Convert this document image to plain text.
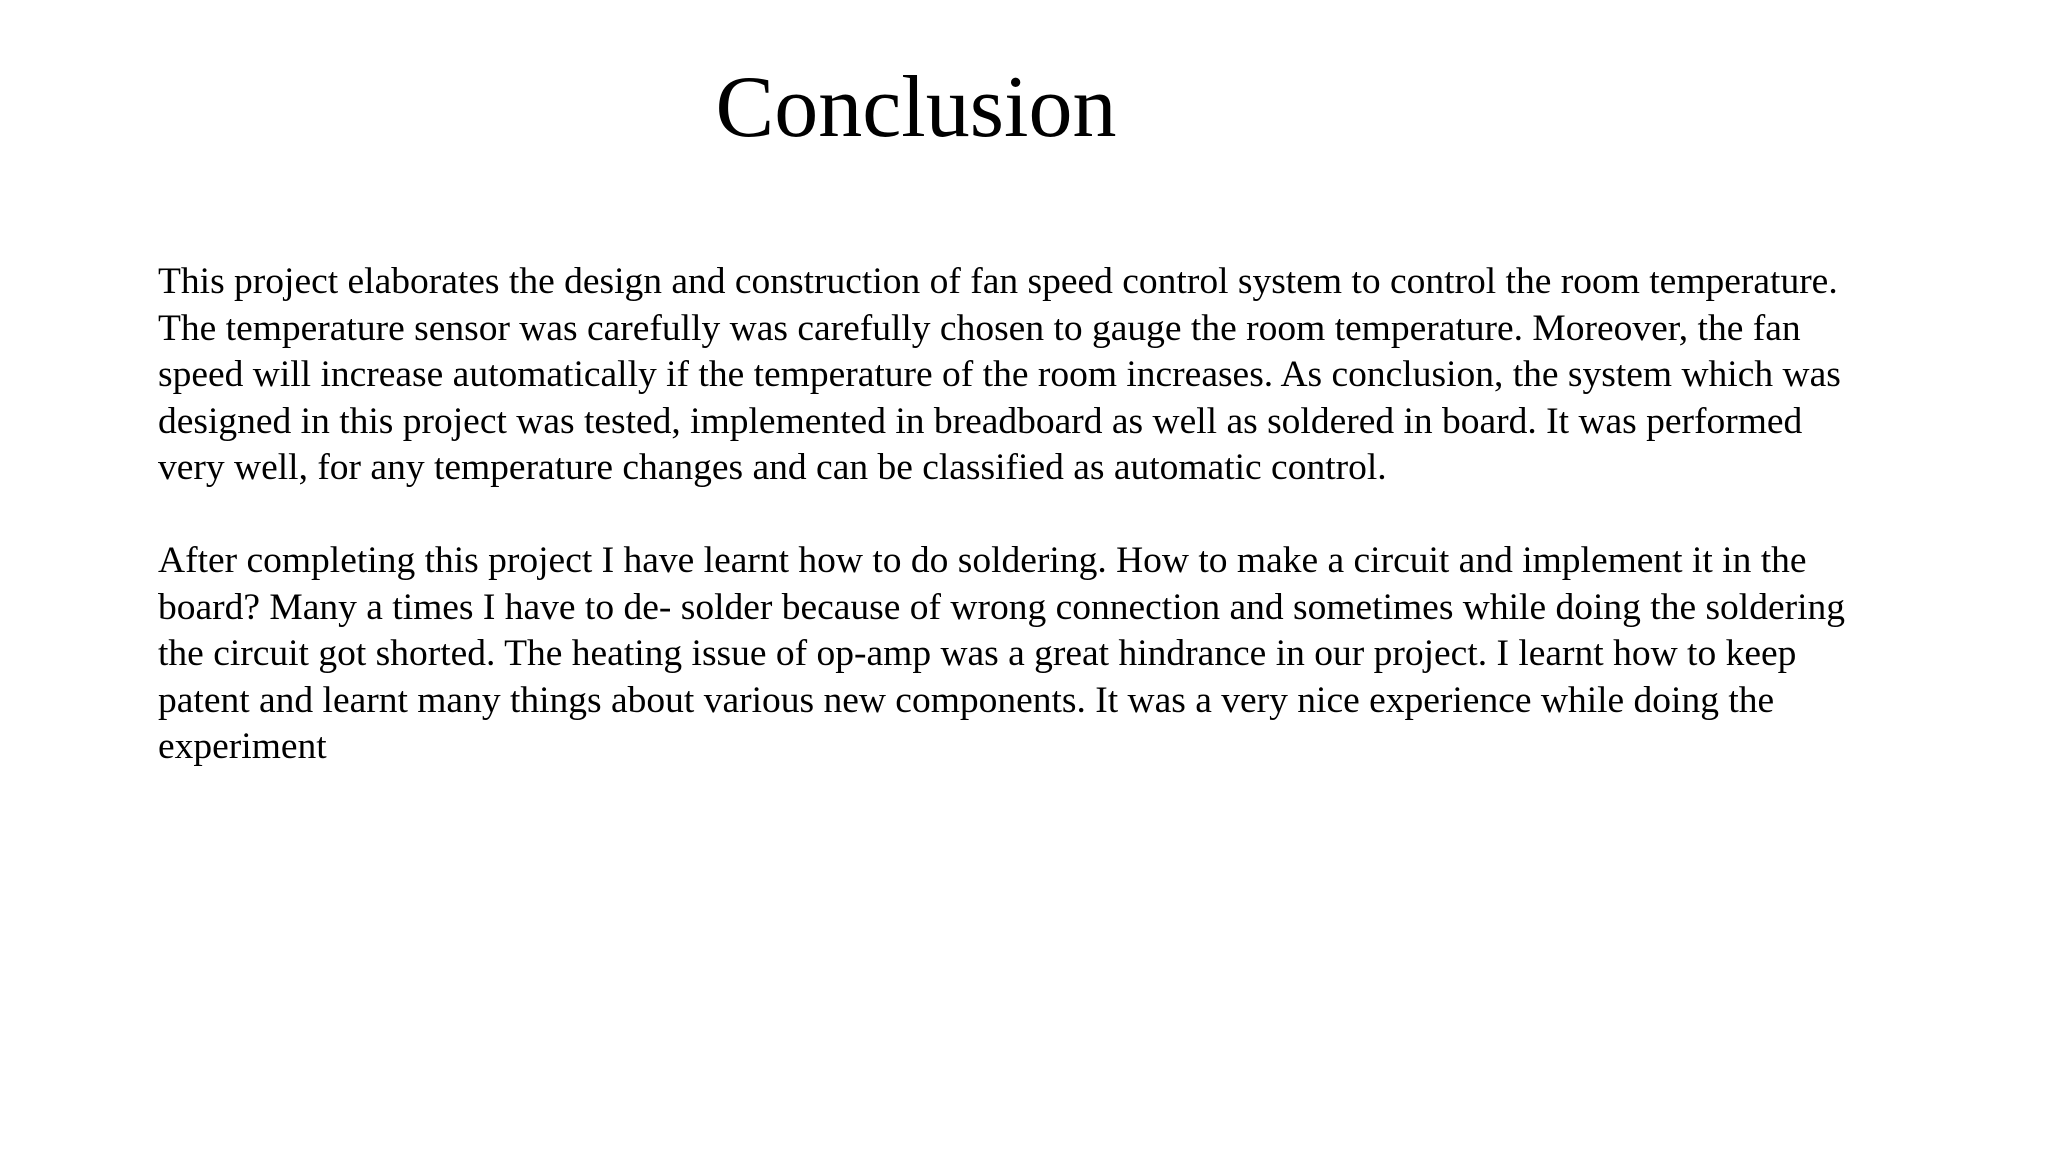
Conclusion

This project elaborates the design and construction of fan speed control system to control the room temperature.

The temperature sensor was carefully was carefully chosen to gauge the room temperature. Moreover, the fan

speed will increase automatically if the temperature of the room increases. As conclusion, the system which was

designed in this project was tested, implemented in breadboard as well as soldered in board. It was performed

very well, for any temperature changes and can be classified as automatic control.

After completing this project I have learnt how to do soldering. How to make a circuit and implement it in the

board? Many a times I have to de- solder because of wrong connection and sometimes while doing the soldering

the circuit got shorted. The heating issue of op-amp was a great hindrance in our project. I learnt how to keep

patent and learnt many things about various new components. It was a very nice experience while doing the

experiment
